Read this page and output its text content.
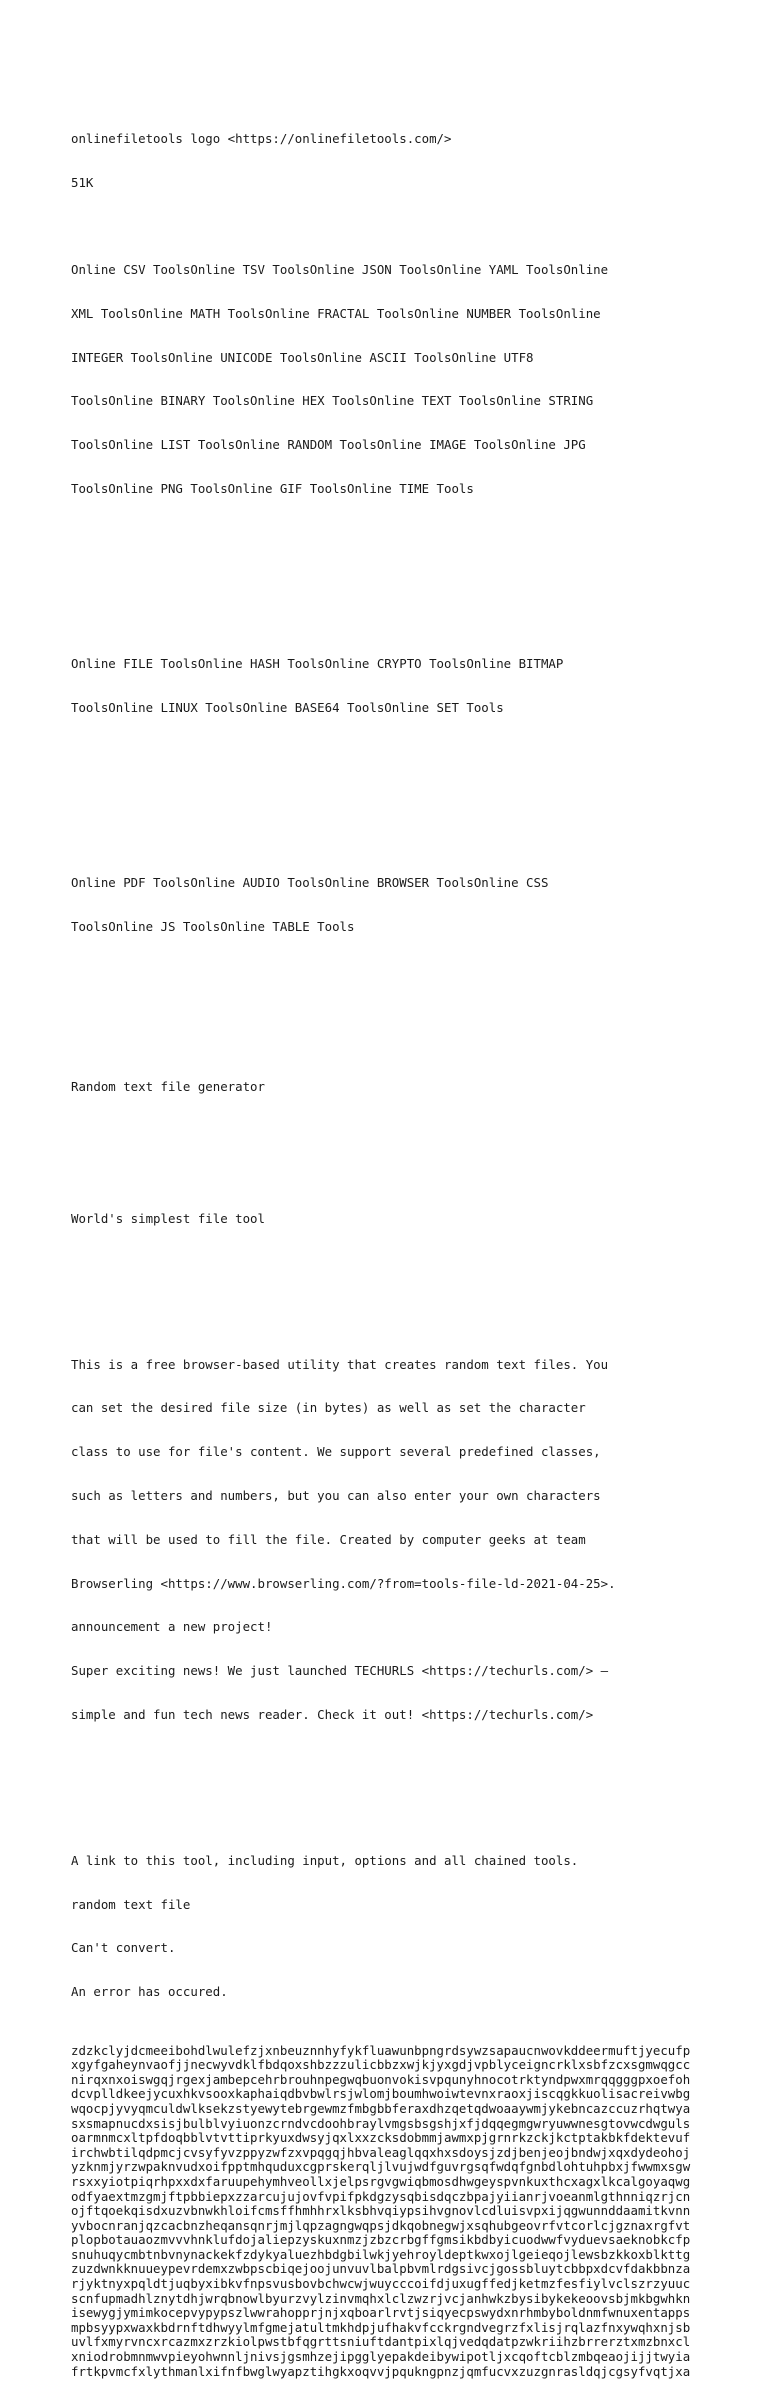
onlinefiletools logo <https://onlinefiletools.com/>

51K

Online CSV ToolsOnline TSV ToolsOnline JSON ToolsOnline YAML ToolsOnline

XML ToolsOnline MATH ToolsOnline FRACTAL ToolsOnline NUMBER ToolsOnline

INTEGER ToolsOnline UNICODE ToolsOnline ASCII ToolsOnline UTF8

ToolsOnline BINARY ToolsOnline HEX ToolsOnline TEXT ToolsOnline STRING

ToolsOnline LIST ToolsOnline RANDOM ToolsOnline IMAGE ToolsOnline JPG

ToolsOnline PNG ToolsOnline GIF ToolsOnline TIME Tools

Online FILE ToolsOnline HASH ToolsOnline CRYPTO ToolsOnline BITMAP

ToolsOnline LINUX ToolsOnline BASE64 ToolsOnline SET Tools

Online PDF ToolsOnline AUDIO ToolsOnline BROWSER ToolsOnline CSS

ToolsOnline JS ToolsOnline TABLE Tools

Random text file generator

World's simplest file tool

This is a free browser-based utility that creates random text files. You

can set the desired file size (in bytes) as well as set the character

class to use for file's content. We support several predefined classes,

such as letters and numbers, but you can also enter your own characters

that will be used to fill the file. Created by computer geeks at team

Browserling <https://www.browserling.com/?from=tools-file-ld-2021-04-25>.

announcement a new project!

Super exciting news! We just launched TECHURLS <https://techurls.com/> –

simple and fun tech news reader. Check it out! <https://techurls.com/>

A link to this tool, including input, options and all chained tools.

random text file

Can't convert.

An error has occured.

zdzkclyjdcmeeibohdlwulefzjxnbeuznnhyfykfluawunbpngrdsywzsapaucnwovkddeermuftjyecufp
xgyfgaheynvaofjjnecwyvdklfbdqoxshbzzzulicbbzxwjkjyxgdjvpblyceigncrklxsbfzcxsgmwqgcc
nirqxnxoiswgqjrgexjambepcehrbrouhnpegwqbuonvokisvpqunyhnocotrktyndpwxmrqqgggpxoefoh
dcvplldkeejycuxhkvsooxkaphaiqdbvbwlrsjwlomjboumhwoiwtevnxraoxjiscqgkkuolisacreivwbg
wqocpjyvyqmculdwlksekzstyewytebrgewmzfmbgbbferaxdhzqetqdwoaaywmjykebncazccuzrhqtwya
sxsmapnucdxsisjbulblvyiuonzcrndvcdoohbraylvmgsbsgshjxfjdqqegmgwryuwwnesgtovwcdwguls
oarmnmcxltpfdoqbblvtvttiprkyuxdwsyjqxlxxzcksdobmmjawmxpjgrnrkzckjkctptakbkfdektevuf
irchwbtilqdpmcjcvsyfyvzppyzwfzxvpqgqjhbvaleaglqqxhxsdoysjzdjbenjeojbndwjxqxdydeohoj
yzknmjyrzwpaknvudxoifpptmhquduxcgprskerqljlvujwdfguvrgsqfwdqfgnbdlohtuhpbxjfwwmxsgw
rsxxyiotpiqrhpxxdxfaruupehymhveollxjelpsrgvgwiqbmosdhwgeyspvnkuxthcxagxlkcalgoyaqwg
odfyaextmzgmjftpbbiepxzzarcujujovfvpifpkdgzysqbisdqczbpajyiianrjvoeanmlgthnniqzrjcn
ojftqoekqisdxuzvbnwkhloifcmsffhmhhrxlksbhvqiypsihvgnovlcdluisvpxijqgwunnddaamitkvnn
yvbocnranjqzcacbnzheqansqnrjmjlqpzagngwqpsjdkqobnegwjxsqhubgeovrfvtcorlcjgznaxrgfvt
plopbotauaozmvvvhnklufdojaliepzyskuxnmzjzbzcrbgffgmsikbdbyicuodwwfvyduevsaeknobkcfp
snuhuqycmbtnbvnynackekfzdykyaluezhbdgbilwkjyehroyldeptkwxojlgeieqojlewsbzkkoxblkttg
zuzdwnkknuueypevrdemxzwbpscbiqejoojunvuvlbalpbvmlrdgsivcjgossbluytcbbpxdcvfdakbbnza
rjyktnyxpqldtjuqbyxibkvfnpsvusbovbchwcwjwuycccoifdjuxugffedjketmzfesfiylvclszrzyuuc
scnfupmadhlznytdhjwrqbnowlbyurzvylzinvmqhxlclzwzrjvcjanhwkzbysibykekeoovsbjmkbgwhkn
isewygjymimkocepvypypszlwwrahopprjnjxqboarlrvtjsiqyecpswydxnrhmbyboldnmfwnuxentapps
mpbsyypxwaxkbdrnftdhwyylmfgmejatultmkhdpjufhakvfcckrgndvegrzfxlisjrqlazfnxywqhxnjsb
uvlfxmyrvncxrcazmxzrzkiolpwstbfqgrttsniuftdantpixlqjvedqdatpzwkriihzbrrerztxmzbnxcl
xniodrobmnmwvpieyohwnnljnivsjgsmhzejipgglyepakdeibywipotljxcqoftcblzmbqeaojijjtwyia
frtkpvmcfxlythmanlxifnfbwglwyapztihgkxoqvvjpqukngpnzjqmfucvxzuzgnrasldqjcgsyfvqtjxa
